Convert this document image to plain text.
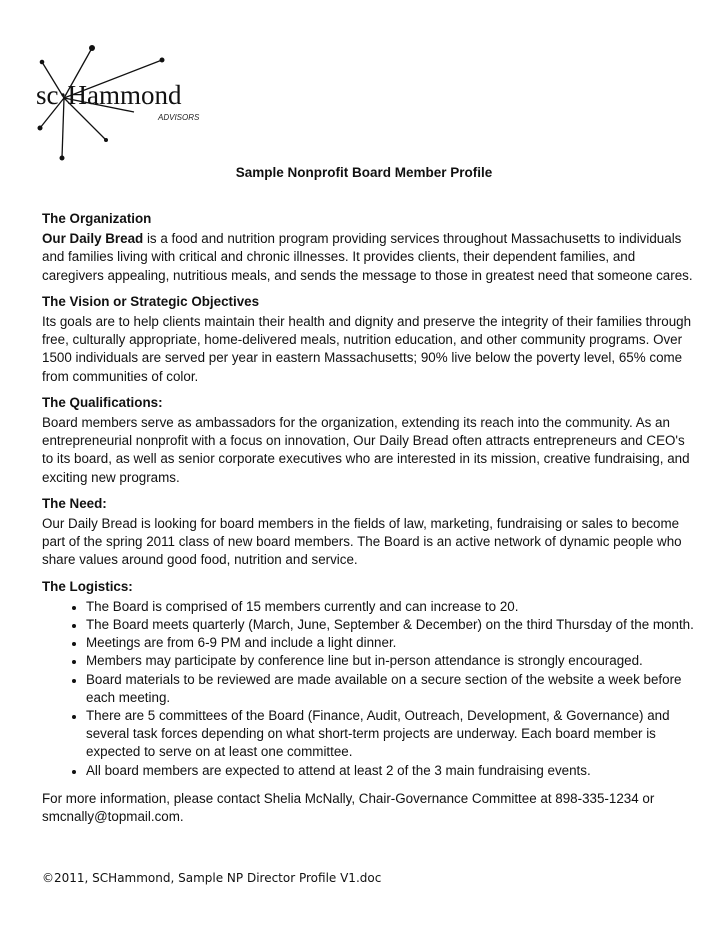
sc·Hammond
ADVISORS
Sample Nonprofit Board Member Profile
The Organization

Our Daily Bread is a food and nutrition program providing services throughout Massachusetts to individuals and families living with critical and chronic illnesses. It provides clients, their dependent families, and caregivers appealing, nutritious meals, and sends the message to those in greatest need that someone cares.

The Vision or Strategic Objectives

Its goals are to help clients maintain their health and dignity and preserve the integrity of their families through free, culturally appropriate, home-delivered meals, nutrition education, and other community programs. Over 1500 individuals are served per year in eastern Massachusetts; 90% live below the poverty level, 65% come from communities of color.

The Qualifications:

Board members serve as ambassadors for the organization, extending its reach into the community. As an entrepreneurial nonprofit with a focus on innovation, Our Daily Bread often attracts entrepreneurs and CEO's to its board, as well as senior corporate executives who are interested in its mission, creative fundraising, and exciting new programs.

The Need:

Our Daily Bread is looking for board members in the fields of law, marketing, fundraising or sales to become part of the spring 2011 class of new board members. The Board is an active network of dynamic people who share values around good food, nutrition and service.

The Logistics:
• The Board is comprised of 15 members currently and can increase to 20.
• The Board meets quarterly (March, June, September & December) on the third Thursday of the month.
• Meetings are from 6-9 PM and include a light dinner.
• Members may participate by conference line but in-person attendance is strongly encouraged.
• Board materials to be reviewed are made available on a secure section of the website a week before each meeting.
• There are 5 committees of the Board (Finance, Audit, Outreach, Development, & Governance) and several task forces depending on what short-term projects are underway. Each board member is expected to serve on at least one committee.
• All board members are expected to attend at least 2 of the 3 main fundraising events.

For more information, please contact Shelia McNally, Chair-Governance Committee at 898-335-1234 or smcnally@topmail.com.

©2011, SCHammond, Sample NP Director Profile V1.doc
